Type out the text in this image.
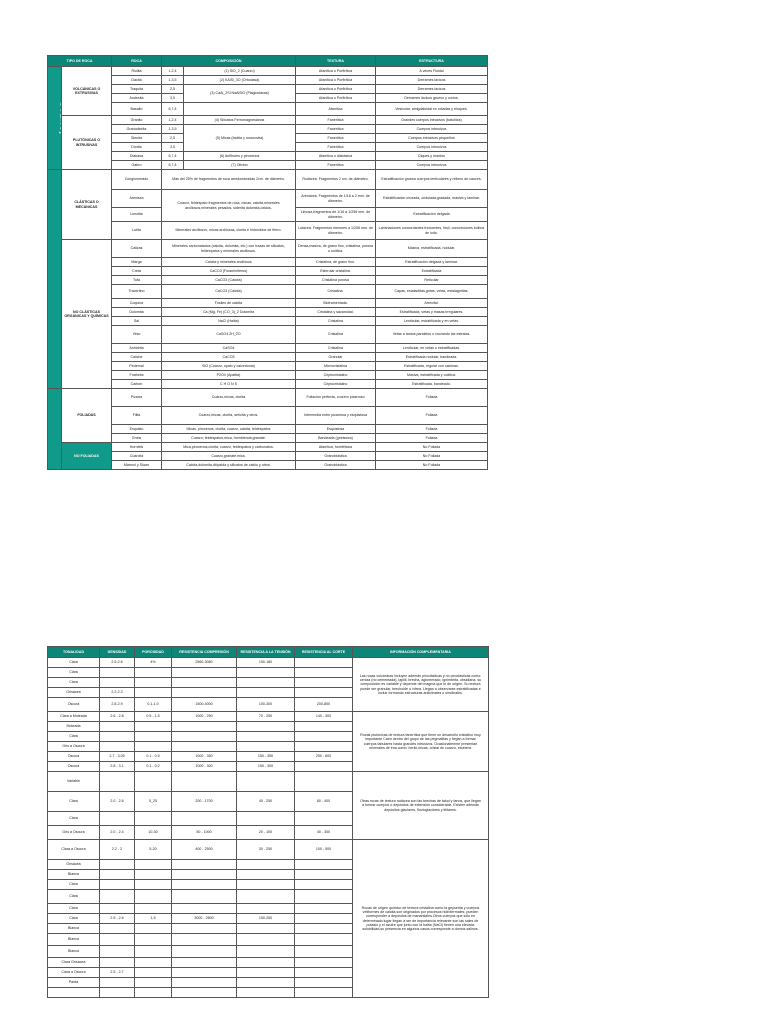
TIPO DE ROCA		ROCA	COMPOSICIÓN		TEXTURA	ESTRUCTURA
	VOLCÁNICAS O EXTRUSIVAS	Riolita	1,2,4	(1) SiO_2 (Cuarzo)	Afanítica o Porfirítica	A veces Fluidal
		Dacita	1,3,5	(2) KAlSi_3O (Ortoclasa)	Afanítica o Porfirítica	Derrames lávicos
		Traquita	2,5	(3) CaAl_2Si NaAlSiO (Plagioclasas)	Afanítica o Porfirítica	Derrames lávicos
		Andesita	3,5		Afanítica o Porfirítica	Derrames lávicos grueso y cortos.
		Basalto	6,7,4		Afanítica	Vesicular, amigdaloidal en coladas y bloques.
	PLUTÓNICAS O INTRUSIVAS	Granito	1,2,4	(4) Silicatos Ferromagnesianos	Fanerítica	Grandes cuerpos intrusivos (batolitos)
		Granodiorita	1,3,5	(5) Micas (biotita y muscovita)	Fanerítica	Cuerpos intrusivos
		Sienita	2,5		Fanerítica	Cuerpos intrusivos pequeños
		Diorita	3,5		Fanerítica	Cuerpos intrusivos
		Diabasa	6,7,4	(6) Anfíboles y piroxenos	Afanítica o diabásica	Diques y mantos
		Gabro	6,7,4	(7) Olivino	Fanerítica	Cuerpos intrusivos
	CLÁSTICAS O MECÁNICAS	Conglomerado	Más del 25% de fragmentos de roca arredondeadas 2cm. de diámetro.		Rudácea. Fragmentos 2 cm. de diámetro.	Estratificación gruesa cuerpos lenticulares y relleno de cauces.
		Arenisca	Cuarzo, feldespato fragmentos de roca, micas, calcita,minerales arcillosos,minerales pesados, siderita dolomita,óxidos.		Arenácea. Fragmentos de 1/16 a 2 mm. de diámetro.	Estratificación cruzada, ondulada,gradada, masiva y laminar.
		Limolita			Limosa fragmentos de 1/16 a 1/256 mm. de diámetro.	Estratificación delgada
		Lutita	Minerales arcillosos, micas arcillosas, clorita e hidróxidos de fierro.		Lutácea. Fragmentos menores a 1/256 mm. de diámetro.	Laminaciones concordantes frecuentes, fósil, concreciones bulbos de lodo.
	NO CLÁSTICAS ORGÁNICAS Y QUÍMICAS	Calizas	Minerales carbonatados (calcita, dolomita, etc.) con trazas de silicatos, feldespatos y minerales arcillosos.		Densa,masiva, de grano fino, cristalina, porosa u oolítica.	Masiva, estratificada, nodular.
		Marga	Calcita y minerales arcillosos		Cristalina, de grano fino.	Estratificación delgada y laminar.
		Creta	CaCO3 (Foraminíferos)		Esferular cristalina.	Estratificada
		Tufa	CaCO3 (Calcita)		Cristalina porosa	Reticular
		Travertino	CaCO3 (Calcita)		Cristalina.	Capas, estalactitas,gotas, vetas, estalagmitas.
		Coquina	Fósiles de calcita		Bioframentada.	Arrecifal.
		Dolomita	Ca (Mg, Fe) (CO_3)_2 Dolomita		Cristalina y sacaroidal.	Estratificada, vetas y masas irregulares.
		Sal	NaCl (Halita)		Cristalina	Lenticular, estratificada y en vetas.
		Yeso	CaSO4 2H_2O		Cristalina	Vetas a tantos paralelos o cruzando las estratas.
		Anhidrita	CaSO4		Cristalina	Lenticular, en vetas o estratificadas.
		Caliche	CaCO3		Granular	Estratificada nodular, bandeada.
		Pedernal	SiO (Cuarzo, ópalo y calcedonia)		Microcristalina	Estratificada, regular con calcinas.
		Fosforita	P2O4 (Apatita)		Criptocristalino	Masiva, estratificada y oolítica.
		Carbón	C H O N S		Criptocristalino	Estratificada, bandeado.
	FOLIADAS	Pizarra	Cuarzo,micas, clorita		Foliación perfecta, cruzero pizarroso	Foliada
		Filita	Cuarzo,micas, clorita, sericita y otros.		Intermedia entre pizarrosa y esquistosa	Foliada
		Esquisto	Micas, piroxenos, clorita, cuarzo, calcita, feldespatos		Esquistosa	Foliada
		Gneis	Cuarzo, feldespatos,mica, hornblenda,granate.		Bandeada (gneissica)	Foliada
	NO FOLIADAS	Hornfels	Mica,piroxenos,clorita, cuarzo, feldespatos y carbonatos.		Afanítica, hornfélsica	No Foliada
		Cuarcita	Cuarzo,granate,mica.		Granoblástica	No Foliada
		Mármol y Skarn	Calcita,dolomita,diópsida y silicatos de calcio y otros.		Granoblástica	No Foliada
TONALIDAD	DENSIDAD	POROSIDAD	RESISTENCIA COMPRESIÓN	RESISTENCIA A LA TENSIÓN	RESISTENCIA AL CORTE	INFORMACIÓN COMPLEMENTARIA
Clara	2.5-2.6	4%	2560-3080	150-180		Las rocas volcánicas incluyen además piroclásticas y no piroclásticas como: ceniza (no cementada), lapilli, brecha, aglomerado, ignimbrita, obsidiana, su composición es variable y depende del magma que le de origen. Su textura puede ser granular, brechoide o vítrea. Llegan a observarse estratificadas e incluir formando estructuras anticlinales o sinclinales.
Clara						
Clara						
Grisácea	2.2-2.3					
Oscura	2.8-2.9	0.1-1.0	1500-4000	100-300	200-800	
Clara a Moteada	2.6 - 2.8	0.5 - 1.5	1000 - 250	70 - 250	140 - 300	Rocas plutónicas de textura fanerítica que tiene un desarrollo cristalino muy importante Caen dentro del grupo de las pegmatitas y llegan a formar cuerpos tabulares hasta grandes intrusivos. Ocasionalmente presentan minerales de ena como: berilo,micas, cristal de cuarzo, etcétera.
Moteada						
Clara						
Gris a Oscura						
Oscura	2.7 - 3.05	0.1 - 0.5	1000 - 350	150 - 350	250 - 600	
Oscura	2.8 - 3.1	0.1 - 0.2	1000 - 300	150 - 300		
Variable						Otras rocas de textura rudácea son las brechas de talud y fanos, que llegan a formar cuerpos o depósitos de extensión considerable. Existen además depósitos glaciares, fluvioglaciares y tilitanes.
Clara	2.0 - 2.6	5_25	200 - 1700	40 - 250	80 - 400	
Clara						
Gris a Oscura	2.0 - 2.4	10-30	50 - 1000	20 - 100	40 - 300	
Clara a Oscura	2.2 - 2	5-20	400 - 2500	30 - 250	100 - 500	Rocas de origen químico de textura cristalina como la geyserita y cuerpos vetiformes de calcita,son originados por procesos hidrotermales; pueden corresponder a depósitos de manantiales.Otros cuerpos que sólo en determinado lugar llegan a ser de importancia relevante son las sales de potasio y el azufre que junto con la halita (NaCl) tienen una elevada solubilidad,su presencia en algunos casos corresponde a domos salinos.
Grisácea						
Blanca						
Clara						
Clara						
Clara						
Clara	2.5 - 2.6	1-5	3000 - 2500	150-250		
Blanca						
Blanca						
Blanca						
Clara Grisácea						
Clara a Oscura	2.5 - 2.7					
Parda						
